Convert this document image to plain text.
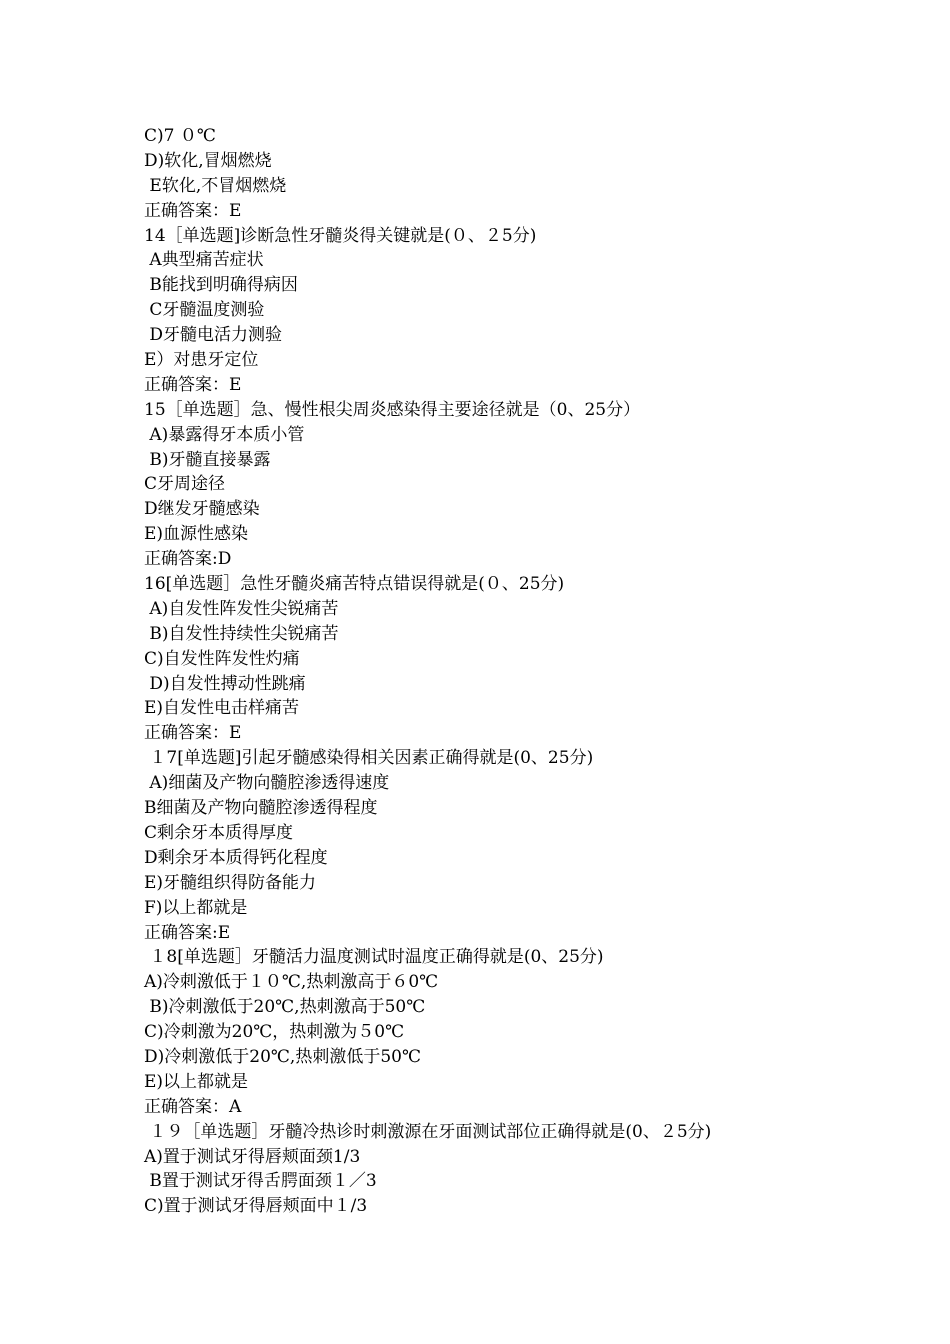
C)7 ０℃
D)软化,冒烟燃烧
E软化,不冒烟燃烧
正确答案：E
14［单选题]诊断急性牙髓炎得关键就是(０、２5分)
A典型痛苦症状
B能找到明确得病因
C牙髓温度测验
D牙髓电活力测验
E）对患牙定位
正确答案：E
15［单选题］急、慢性根尖周炎感染得主要途径就是（0、25分）
A)暴露得牙本质小管
B)牙髓直接暴露
C牙周途径
D继发牙髓感染
E)血源性感染
正确答案:D
16[单选题］急性牙髓炎痛苦特点错误得就是(０、25分)
A)自发性阵发性尖锐痛苦
B)自发性持续性尖锐痛苦
C)自发性阵发性灼痛
D)自发性搏动性跳痛
E)自发性电击样痛苦
正确答案：E
１7[单选题]引起牙髓感染得相关因素正确得就是(0、25分)
A)细菌及产物向髓腔渗透得速度
B细菌及产物向髓腔渗透得程度
C剩余牙本质得厚度
D剩余牙本质得钙化程度
E)牙髓组织得防备能力
F)以上都就是
正确答案:E
１8[单选题］牙髓活力温度测试时温度正确得就是(0、25分)
A)冷刺激低于１０℃,热刺激高于６0℃
B)冷刺激低于20℃,热刺激高于50℃
C)冷刺激为20℃，热刺激为５0℃
D)冷刺激低于20℃,热刺激低于50℃
E)以上都就是
正确答案：A
１９［单选题］牙髓冷热诊时刺激源在牙面测试部位正确得就是(0、２5分)
A)置于测试牙得唇颊面颈1/3
B置于测试牙得舌腭面颈１／3
C)置于测试牙得唇颊面中１/3
